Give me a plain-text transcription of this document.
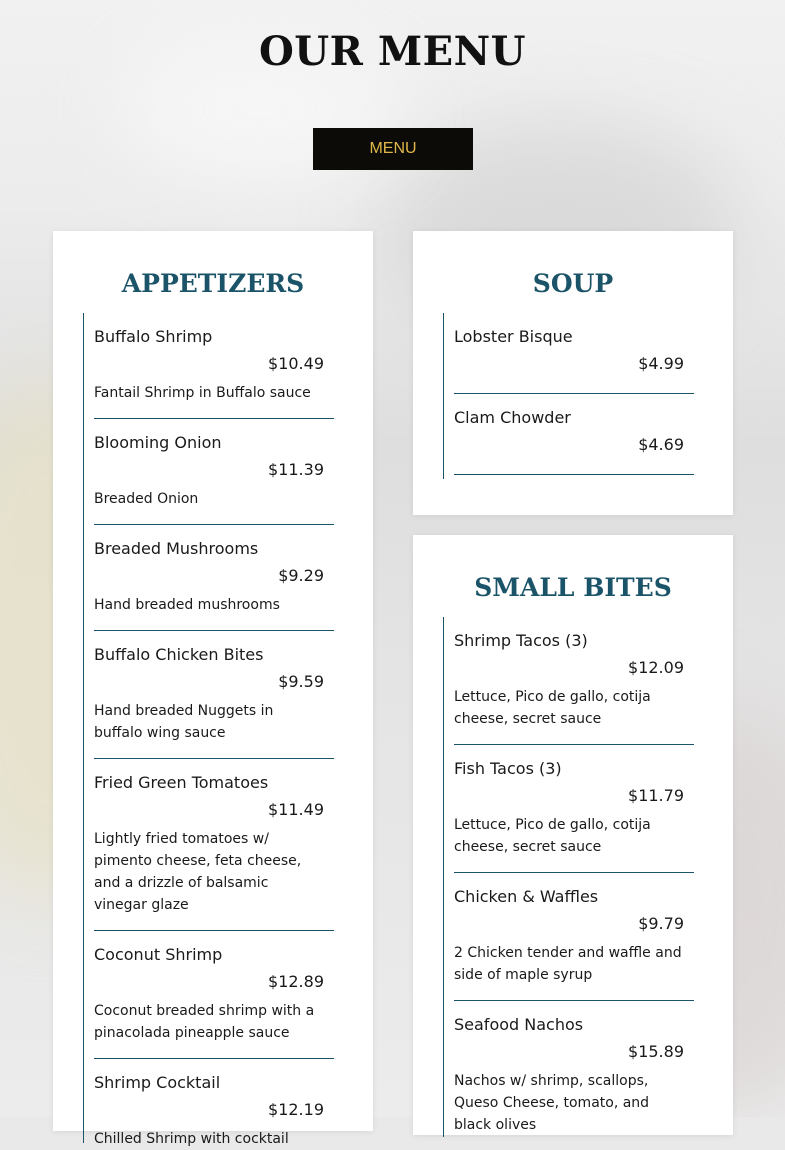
OUR MENU
MENU
APPETIZERS
Buffalo Shrimp
$10.49
Fantail Shrimp in Buffalo sauce
Blooming Onion
$11.39
Breaded Onion
Breaded Mushrooms
$9.29
Hand breaded mushrooms
Buffalo Chicken Bites
$9.59
Hand breaded Nuggets in buffalo wing sauce
Fried Green Tomatoes
$11.49
Lightly fried tomatoes w/ pimento cheese, feta cheese, and a drizzle of balsamic vinegar glaze
Coconut Shrimp
$12.89
Coconut breaded shrimp with a pinacolada pineapple sauce
Shrimp Cocktail
$12.19
Chilled Shrimp with cocktail
SOUP
Lobster Bisque
$4.99
Clam Chowder
$4.69
SMALL BITES
Shrimp Tacos (3)
$12.09
Lettuce, Pico de gallo, cotija cheese, secret sauce
Fish Tacos (3)
$11.79
Lettuce, Pico de gallo, cotija cheese, secret sauce
Chicken & Waffles
$9.79
2 Chicken tender and waffle and side of maple syrup
Seafood Nachos
$15.89
Nachos w/ shrimp, scallops, Queso Cheese, tomato, and black olives
